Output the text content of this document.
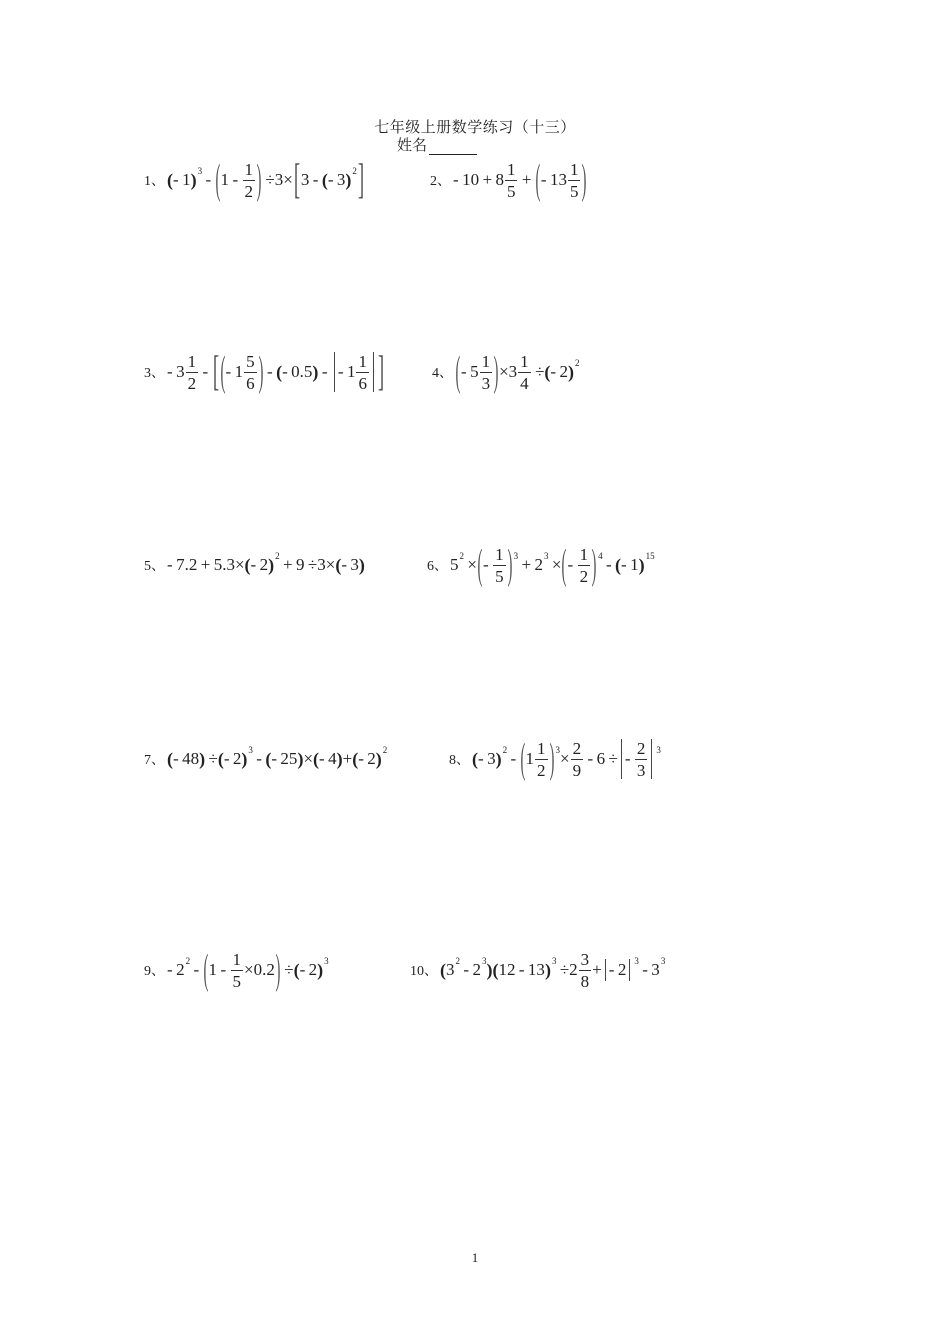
七年级上册数学练习（十三）
姓名
1、 ( - 1 ) 3  -  ( 1 - 
1
2 )  ÷3× [ 3 -  ( - 3 ) 2 ]	2、 - 10 + 8
1
5
 +  ( - 13
1
5 )
3、 - 3
1
2
 -  [ ( - 1
5
6 )  -  ( - 0.5 )  - 
- 1
1
6 ]	4、 ( - 5
1
3 ) ×3
1
4
 ÷ ( - 2 ) 2
5、 - 7.2 + 5.3× ( - 2 ) 2  + 9 ÷3× ( - 3 )	6、 5 2  × ( - 
1
5 ) 3  + 2 3  × ( - 
1
2 ) 4  -  ( - 1 ) 15
7、 ( - 48 )  ÷ ( - 2 ) 3  -  ( - 25 ) × ( - 4 ) + ( - 2 ) 2
8、 ( - 3 ) 2  -  ( 1
1
2 ) 3 ×
2
9
 - 6 ÷ - 
2
3
3
9、 - 2 2  -  ( 1 - 
1
5
×0.2 )  ÷ ( - 2 ) 3
10、 ( 3 2  - 2 3 )( 12 - 13 ) 3  ÷2
3
8
+ - 2 3  - 3 3
1
